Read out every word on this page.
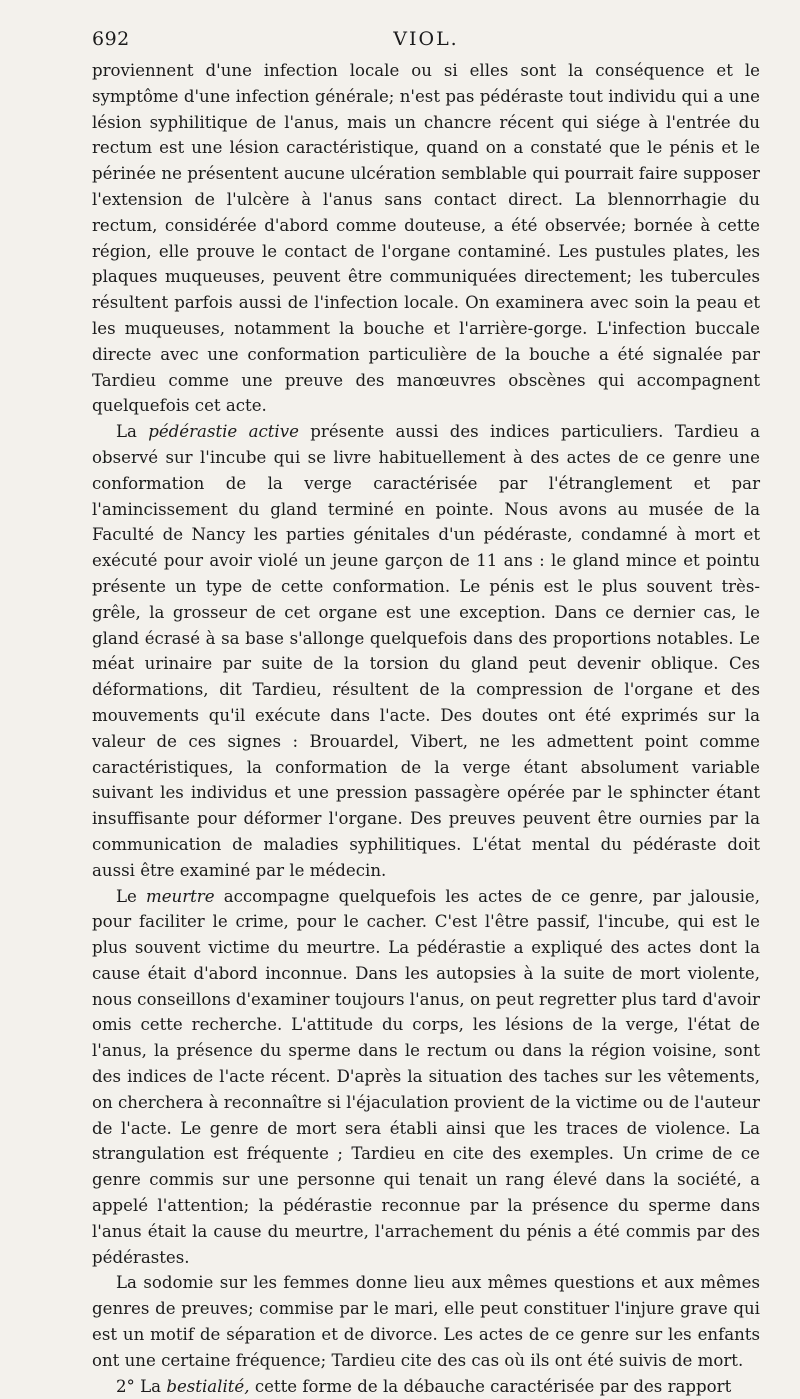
692	VIOL.

proviennent d'une infection locale ou si elles sont la conséquence et le symptôme d'une infection générale; n'est pas pédéraste tout individu qui a une lésion syphilitique de l'anus, mais un chancre récent qui siége à l'entrée du rectum est une lésion caractéristique, quand on a constaté que le pénis et le périnée ne présentent aucune ulcération semblable qui pourrait faire supposer l'extension de l'ulcère à l'anus sans contact direct. La blennorrhagie du rectum, considérée d'abord comme douteuse, a été observée; bornée à cette région, elle prouve le contact de l'organe contaminé. Les pustules plates, les plaques muqueuses, peuvent être communiquées directement; les tubercules résultent parfois aussi de l'infection locale. On examinera avec soin la peau et les muqueuses, notamment la bouche et l'arrière-gorge. L'infection buccale directe avec une conformation particulière de la bouche a été signalée par Tardieu comme une preuve des manœuvres obscènes qui accompagnent quelquefois cet acte.

La pédérastie active présente aussi des indices particuliers. Tardieu a observé sur l'incube qui se livre habituellement à des actes de ce genre une conformation de la verge caractérisée par l'étranglement et par l'amincissement du gland terminé en pointe. Nous avons au musée de la Faculté de Nancy les parties génitales d'un pédéraste, condamné à mort et exécuté pour avoir violé un jeune garçon de 11 ans : le gland mince et pointu présente un type de cette conformation. Le pénis est le plus souvent très-grêle, la grosseur de cet organe est une exception. Dans ce dernier cas, le gland écrasé à sa base s'allonge quelquefois dans des proportions notables. Le méat urinaire par suite de la torsion du gland peut devenir oblique. Ces déformations, dit Tardieu, résultent de la compression de l'organe et des mouvements qu'il exécute dans l'acte. Des doutes ont été exprimés sur la valeur de ces signes : Brouardel, Vibert, ne les admettent point comme caractéristiques, la conformation de la verge étant absolument variable suivant les individus et une pression passagère opérée par le sphincter étant insuffisante pour déformer l'organe. Des preuves peuvent être ournies par la communication de maladies syphilitiques. L'état mental du pédéraste doit aussi être examiné par le médecin.

Le meurtre accompagne quelquefois les actes de ce genre, par jalousie, pour faciliter le crime, pour le cacher. C'est l'être passif, l'incube, qui est le plus souvent victime du meurtre. La pédérastie a expliqué des actes dont la cause était d'abord inconnue. Dans les autopsies à la suite de mort violente, nous conseillons d'examiner toujours l'anus, on peut regretter plus tard d'avoir omis cette recherche. L'attitude du corps, les lésions de la verge, l'état de l'anus, la présence du sperme dans le rectum ou dans la région voisine, sont des indices de l'acte récent. D'après la situation des taches sur les vêtements, on cherchera à reconnaître si l'éjaculation provient de la victime ou de l'auteur de l'acte. Le genre de mort sera établi ainsi que les traces de violence. La strangulation est fréquente ; Tardieu en cite des exemples. Un crime de ce genre commis sur une personne qui tenait un rang élevé dans la société, a appelé l'attention; la pédérastie reconnue par la présence du sperme dans l'anus était la cause du meurtre, l'arrachement du pénis a été commis par des pédérastes.

La sodomie sur les femmes donne lieu aux mêmes questions et aux mêmes genres de preuves; commise par le mari, elle peut constituer l'injure grave qui est un motif de séparation et de divorce. Les actes de ce genre sur les enfants ont une certaine fréquence; Tardieu cite des cas où ils ont été suivis de mort.

2° La bestialité, cette forme de la débauche caractérisée par des rapport
